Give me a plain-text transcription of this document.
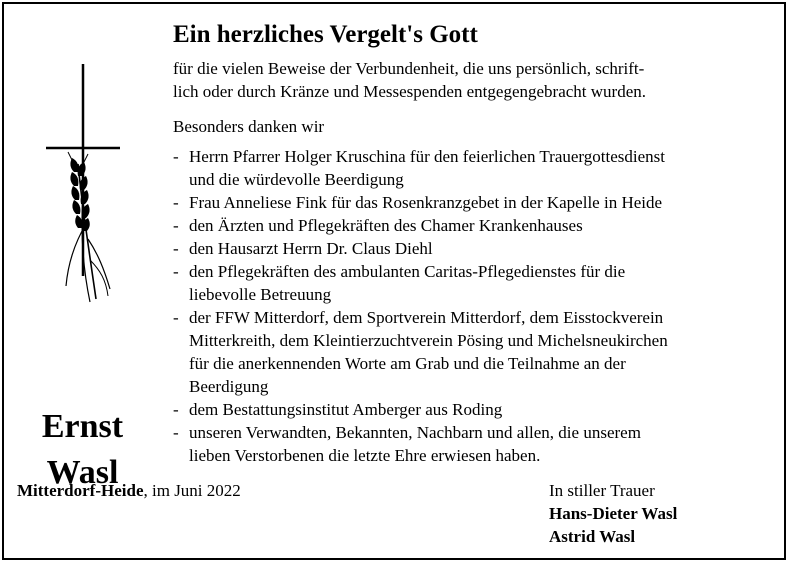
Ernst
Wasl
Ein herzliches Vergelt's Gott
für die vielen Beweise der Verbundenheit, die uns persönlich, schrift-
lich oder durch Kränze und Messespenden entgegengebracht wurden.
Besonders danken wir
- Herrn Pfarrer Holger Kruschina für den feierlichen Trauergottesdienst
und die würdevolle Beerdigung
- Frau Anneliese Fink für das Rosenkranzgebet in der Kapelle in Heide
- den Ärzten und Pflegekräften des Chamer Krankenhauses
- den Hausarzt Herrn Dr. Claus Diehl
- den Pflegekräften des ambulanten Caritas-Pflegedienstes für die
liebevolle Betreuung
- der FFW Mitterdorf, dem Sportverein Mitterdorf, dem Eisstockverein
Mitterkreith, dem Kleintierzuchtverein Pösing und Michelsneukirchen
für die anerkennenden Worte am Grab und die Teilnahme an der
Beerdigung
- dem Bestattungsinstitut Amberger aus Roding
- unseren Verwandten, Bekannten, Nachbarn und allen, die unserem
lieben Verstorbenen die letzte Ehre erwiesen haben.
Mitterdorf-Heide, im Juni 2022	In stiller Trauer
Hans-Dieter Wasl
Astrid Wasl
